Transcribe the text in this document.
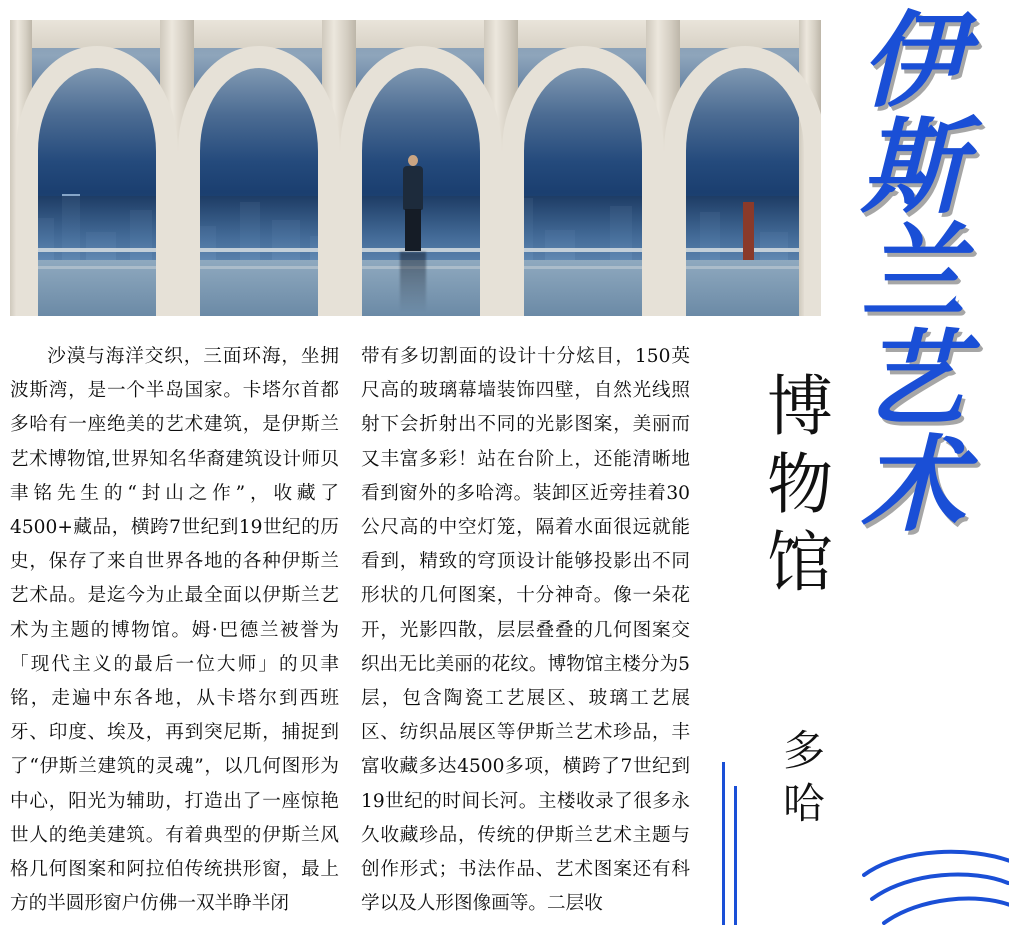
伊
斯
兰
艺
术
博
物
馆
多
哈

沙漠与海洋交织，三面环海，坐拥波斯湾，是一个半岛国家。卡塔尔首都多哈有一座绝美的艺术建筑，是伊斯兰艺术博物馆,世界知名华裔建筑设计师贝聿铭先生的“封山之作”，收藏了4500+藏品，横跨7世纪到19世纪的历史，保存了来自世界各地的各种伊斯兰艺术品。是迄今为止最全面以伊斯兰艺术为主题的博物馆。姆·巴德兰被誉为「现代主义的最后一位大师」的贝聿铭，走遍中东各地，从卡塔尔到西班牙、印度、埃及，再到突尼斯，捕捉到了“伊斯兰建筑的灵魂”，以几何图形为中心，阳光为辅助，打造出了一座惊艳世人的绝美建筑。有着典型的伊斯兰风格几何图案和阿拉伯传统拱形窗，最上方的半圆形窗户仿佛一双半睁半闭

带有多切割面的设计十分炫目，150英尺高的玻璃幕墙装饰四壁，自然光线照射下会折射出不同的光影图案，美丽而又丰富多彩！站在台阶上，还能清晰地看到窗外的多哈湾。装卸区近旁挂着30公尺高的中空灯笼，隔着水面很远就能看到，精致的穹顶设计能够投影出不同形状的几何图案，十分神奇。像一朵花开，光影四散，层层叠叠的几何图案交织出无比美丽的花纹。博物馆主楼分为5层，包含陶瓷工艺展区、玻璃工艺展区、纺织品展区等伊斯兰艺术珍品，丰富收藏多达4500多项，横跨了7世纪到19世纪的时间长河。主楼收录了很多永久收藏珍品，传统的伊斯兰艺术主题与创作形式；书法作品、艺术图案还有科学以及人形图像画等。二层收
